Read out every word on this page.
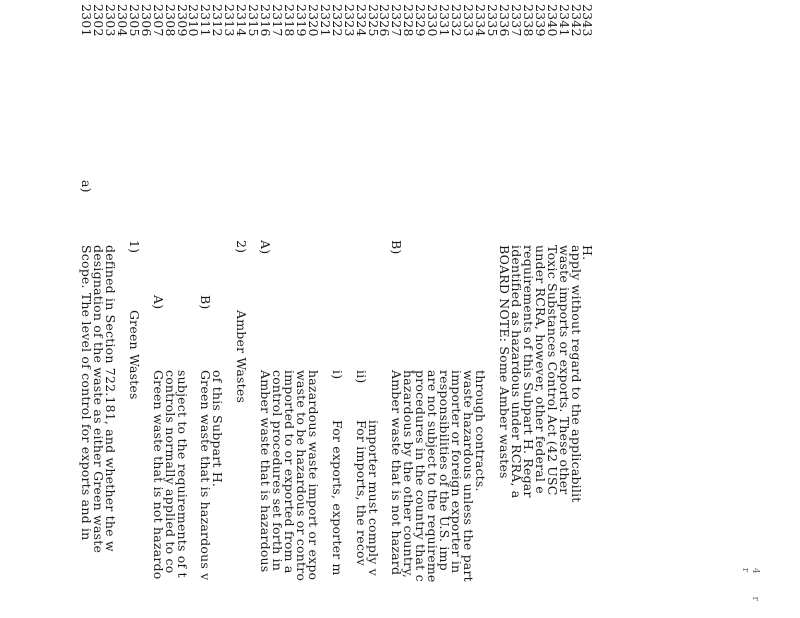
4 r r
2301
a)
Scope. The level of control for exports and in
2302
designation of the waste as either Green waste
2303
defined in Section 722.181, and whether the w
2304
2305
1)
Green Wastes
2306
2307
A)
Green waste that is not hazardo
2308
controls normally applied to co
2309
subject to the requirements of t
2310
2311
B)
Green waste that is hazardous v
2312
of this Subpart H.
2313
2314
2)
Amber Wastes
2315
2316
A)
Amber waste that is hazardous
2317
control procedures set forth in
2318
imported to or exported from a
2319
waste to be hazardous or contro
2320
hazardous waste import or expo
2321
2322
i)
For exports, exporter m
2323
2324
ii)
For imports, the recov
2325
importer must comply v
2326
2327
B)
Amber waste that is not hazard
2328
hazardous by the other country,
2329
procedures in the country that c
2330
are not subject to the requireme
2331
responsibilities of the U.S. imp
2332
importer or foreign exporter in
2333
waste hazardous unless the part
2334
through contracts.
2335
2336
BOARD NOTE: Some Amber wastes
2337
identified as hazardous under RCRA, a
2338
requirements of this Subpart H. Regar
2339
under RCRA, however, other federal e
2340
Toxic Substances Control Act (42 USC
2341
waste imports or exports. These other
2342
apply without regard to the applicabilit
2343
H.
